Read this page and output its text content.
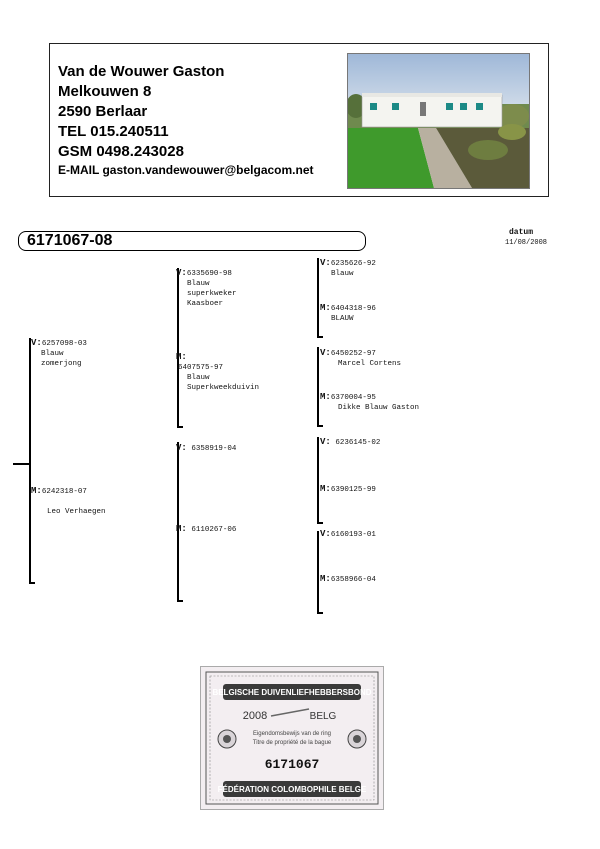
Van de Wouwer Gaston
Melkouwen 8
2590 Berlaar
TEL 015.240511
GSM 0498.243028
E-MAIL gaston.vandewouwer@belgacom.net
6171067-08	datum
11/08/2008
V:6257098-03
Blauw
zomerjong
M:6242318-07
Leo Verhaegen
V:6335690-98
Blauw
superkweker
Kaasboer
M:
6407575-97
Blauw
Superkweekduivin
V: 6358919-04
M: 6110267-06
V:6235626-92
Blauw
M:6404318-96
BLAUW
V:6450252-97
Marcel Cortens
M:6370004-95
Dikke Blauw Gaston
V: 6236145-02
M:6390125-99
V:6160193-01
M:6358966-04
BELGISCHE DUIVENLIEFHEBBERSBOND
2008	BELG
Eigendomsbewijs van de ring
Titre de propriété de la bague
6171067
FÉDÉRATION COLOMBOPHILE BELGE
